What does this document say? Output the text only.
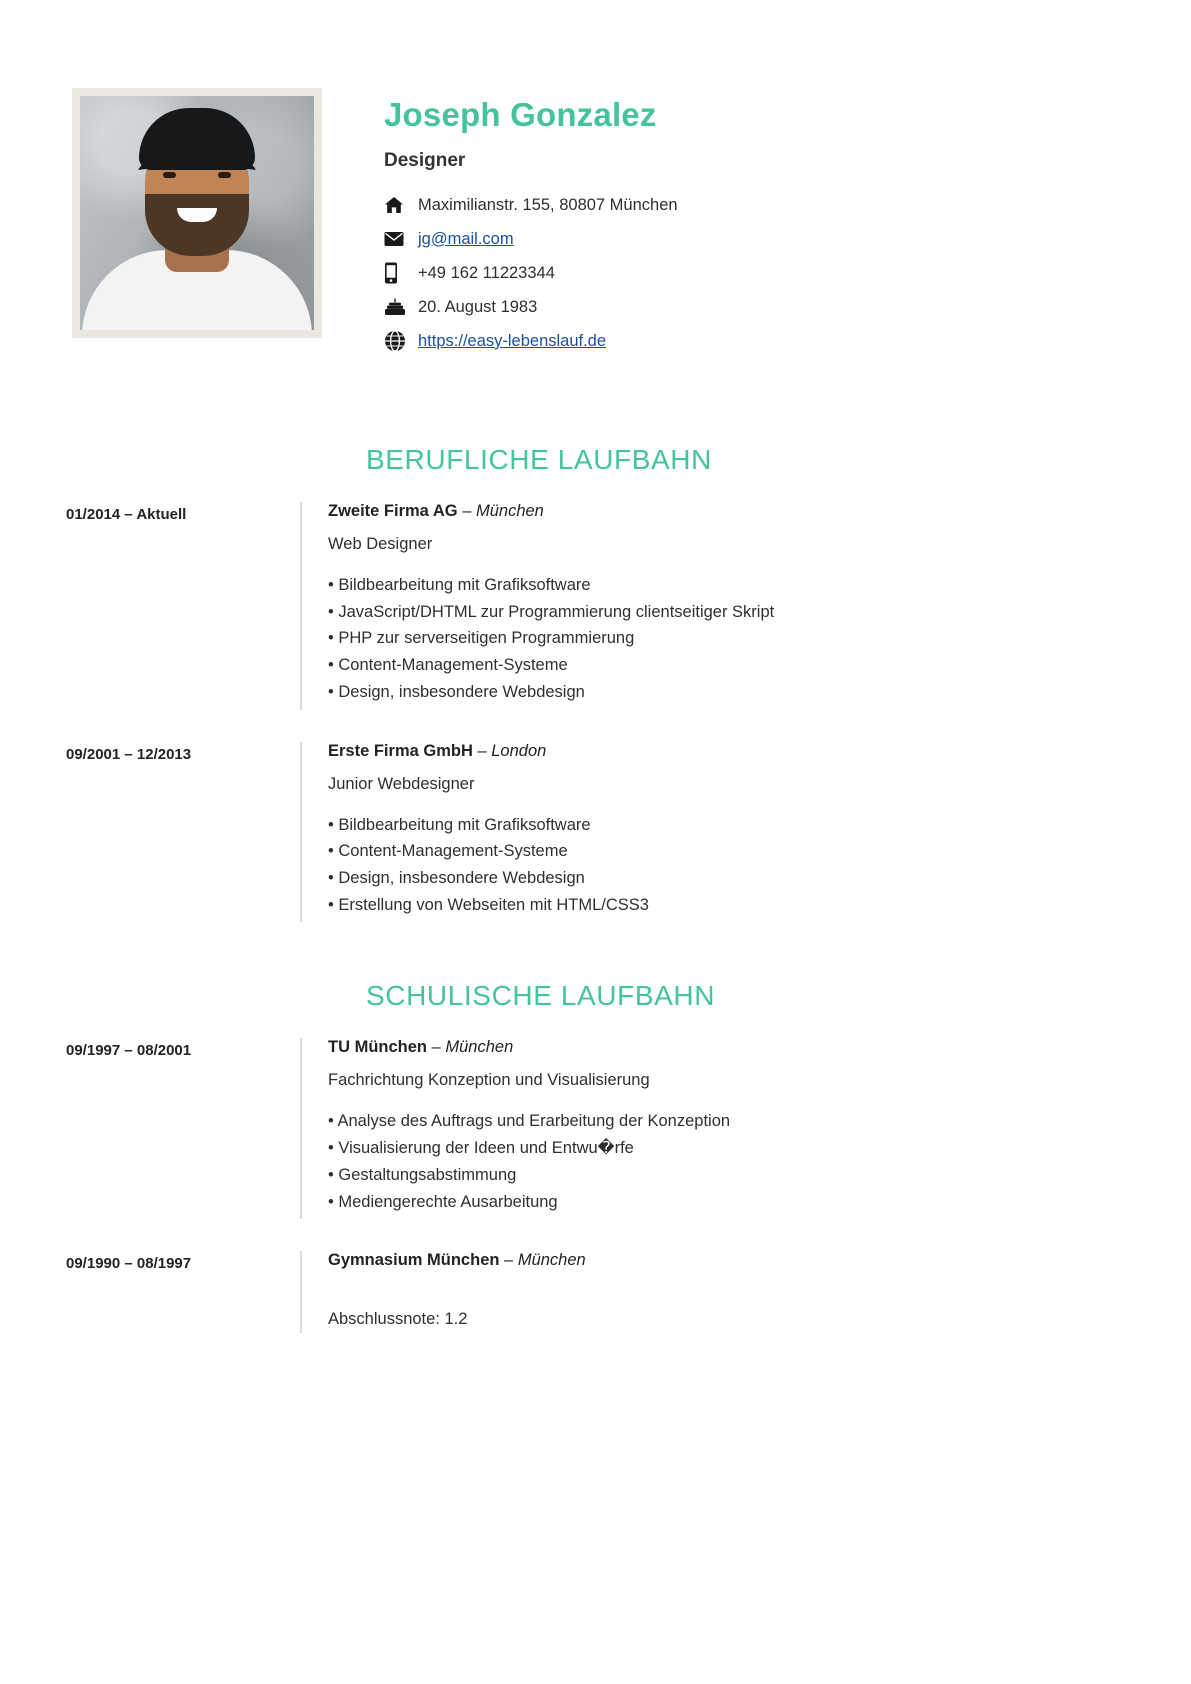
Joseph Gonzalez
Designer
Maximilianstr. 155, 80807 München
jg@mail.com
+49 162 11223344
20. August 1983
https://easy-lebenslauf.de
BERUFLICHE LAUFBAHN
01/2014 – Aktuell	Zweite Firma AG – München
Web Designer
• Bildbearbeitung mit Grafiksoftware
• JavaScript/DHTML zur Programmierung clientseitiger Skript
• PHP zur serverseitigen Programmierung
• Content-Management-Systeme
• Design, insbesondere Webdesign
09/2001 – 12/2013	Erste Firma GmbH – London
Junior Webdesigner
• Bildbearbeitung mit Grafiksoftware
• Content-Management-Systeme
• Design, insbesondere Webdesign
• Erstellung von Webseiten mit HTML/CSS3
SCHULISCHE LAUFBAHN
09/1997 – 08/2001	TU München – München
Fachrichtung Konzeption und Visualisierung
• Analyse des Auftrags und Erarbeitung der Konzeption
• Visualisierung der Ideen und Entwu�rfe
• Gestaltungsabstimmung
• Mediengerechte Ausarbeitung
09/1990 – 08/1997	Gymnasium München – München
Abschlussnote: 1.2
